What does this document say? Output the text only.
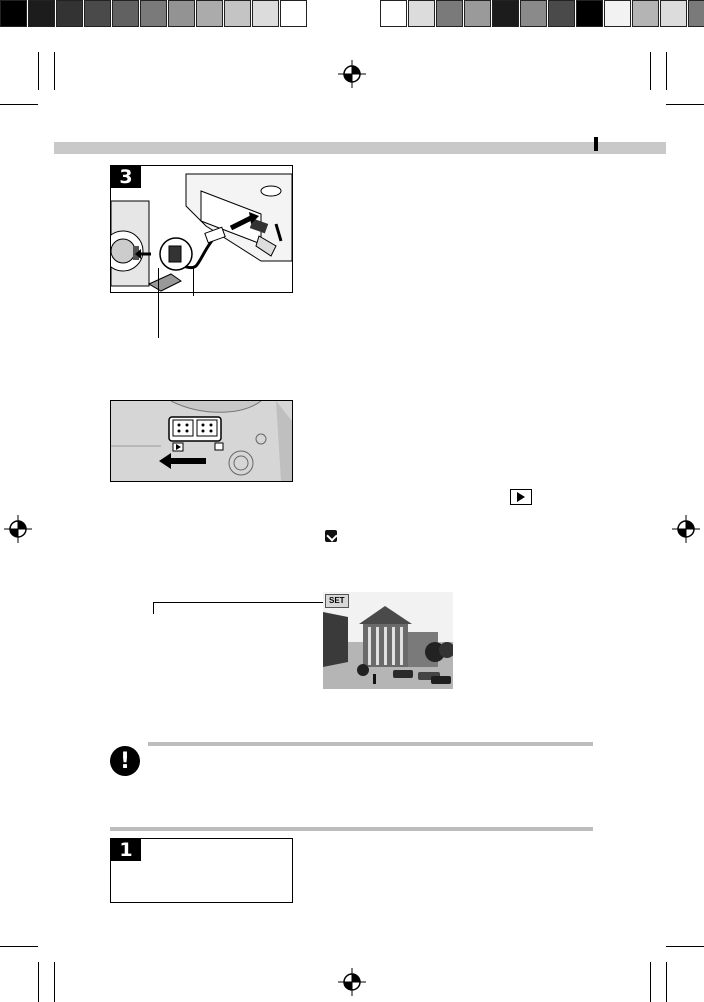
3
SET
!
1
